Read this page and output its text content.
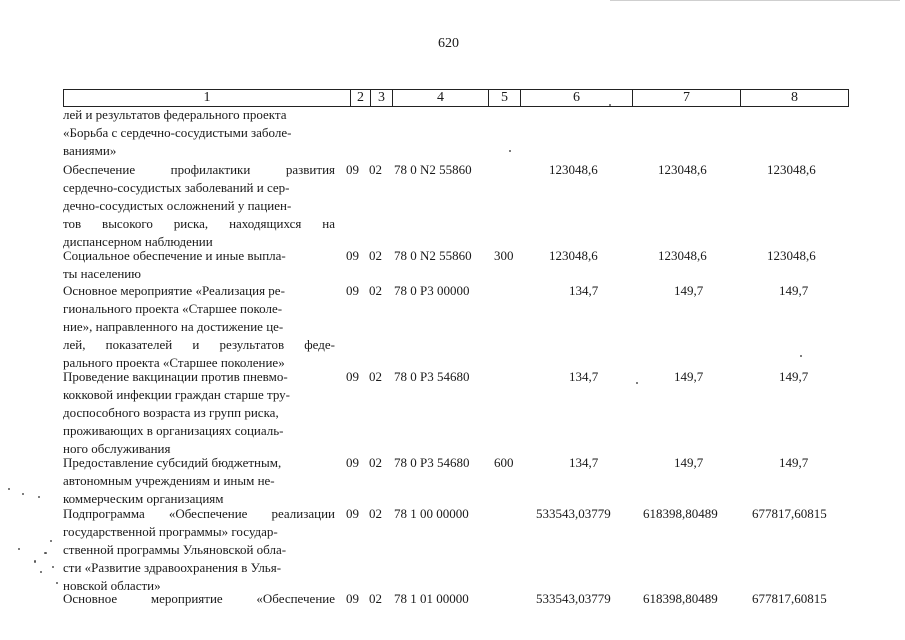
620
1	2	3	4	5	6	7	8
лей и результатов федерального проекта
«Борьба с сердечно-сосудистыми заболе-
ваниями»
Обеспечение профилактики развития
сердечно-сосудистых заболеваний и сер-
дечно-сосудистых осложнений у пациен-
тов высокого риска, находящихся на
диспансерном наблюдении
09 02 78 0 N2 55860	123048,6	123048,6	123048,6
Социальное обеспечение и иные выпла-
ты населению
09 02 78 0 N2 55860 300	123048,6	123048,6	123048,6
Основное мероприятие «Реализация ре-
гионального проекта «Старшее поколе-
ние», направленного на достижение це-
лей, показателей и результатов феде-
рального проекта «Старшее поколение»
09 02 78 0 P3 00000	134,7	149,7	149,7
Проведение вакцинации против пневмо-
кокковой инфекции граждан старше тру-
доспособного возраста из групп риска,
проживающих в организациях социаль-
ного обслуживания
09 02 78 0 P3 54680	134,7	149,7	149,7
Предоставление субсидий бюджетным,
автономным учреждениям и иным не-
коммерческим организациям
09 02 78 0 P3 54680 600	134,7	149,7	149,7
Подпрограмма «Обеспечение реализации
государственной программы» государ-
ственной программы Ульяновской обла-
сти «Развитие здравоохранения в Улья-
новской области»
09 02 78 1 00 00000	533543,03779 618398,80489	677817,60815
Основное мероприятие «Обеспечение 09 02 78 1 01 00000	533543,03779 618398,80489	677817,60815
